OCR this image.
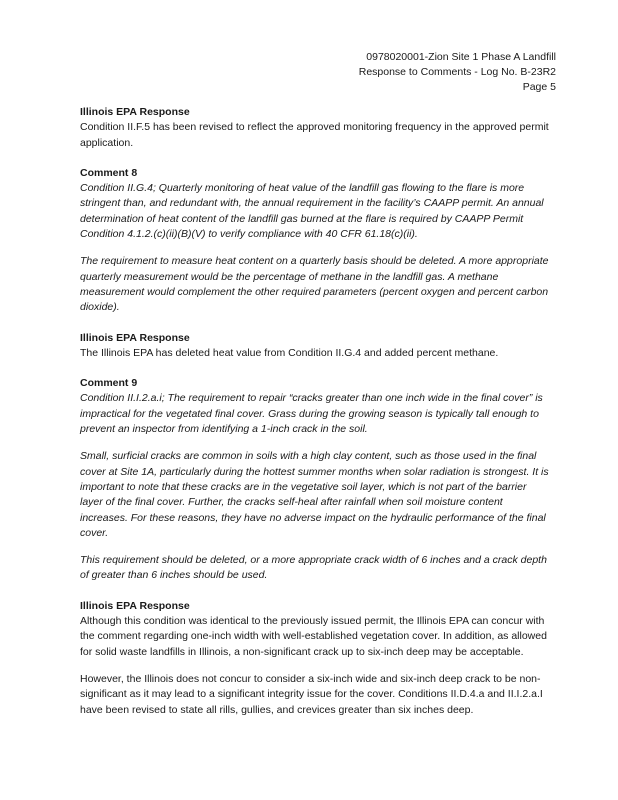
0978020001-Zion Site 1 Phase A Landfill
Response to Comments - Log No. B-23R2
Page 5

Illinois EPA Response

Condition II.F.5 has been revised to reflect the approved monitoring frequency in the approved permit application.

Comment 8

Condition II.G.4; Quarterly monitoring of heat value of the landfill gas flowing to the flare is more stringent than, and redundant with, the annual requirement in the facility’s CAAPP permit. An annual determination of heat content of the landfill gas burned at the flare is required by CAAPP Permit Condition 4.1.2.(c)(ii)(B)(V) to verify compliance with 40 CFR 61.18(c)(ii).

The requirement to measure heat content on a quarterly basis should be deleted. A more appropriate quarterly measurement would be the percentage of methane in the landfill gas. A methane measurement would complement the other required parameters (percent oxygen and percent carbon dioxide).

Illinois EPA Response

The Illinois EPA has deleted heat value from Condition II.G.4 and added percent methane.

Comment 9

Condition II.I.2.a.i; The requirement to repair “cracks greater than one inch wide in the final cover” is impractical for the vegetated final cover. Grass during the growing season is typically tall enough to prevent an inspector from identifying a 1-inch crack in the soil.

Small, surficial cracks are common in soils with a high clay content, such as those used in the final cover at Site 1A, particularly during the hottest summer months when solar radiation is strongest. It is important to note that these cracks are in the vegetative soil layer, which is not part of the barrier layer of the final cover. Further, the cracks self-heal after rainfall when soil moisture content increases. For these reasons, they have no adverse impact on the hydraulic performance of the final cover.

This requirement should be deleted, or a more appropriate crack width of 6 inches and a crack depth of greater than 6 inches should be used.

Illinois EPA Response

Although this condition was identical to the previously issued permit, the Illinois EPA can concur with the comment regarding one-inch width with well-established vegetation cover. In addition, as allowed for solid waste landfills in Illinois, a non-significant crack up to six-inch deep may be acceptable.

However, the Illinois does not concur to consider a six-inch wide and six-inch deep crack to be non-significant as it may lead to a significant integrity issue for the cover. Conditions II.D.4.a and II.I.2.a.I have been revised to state all rills, gullies, and crevices greater than six inches deep.
